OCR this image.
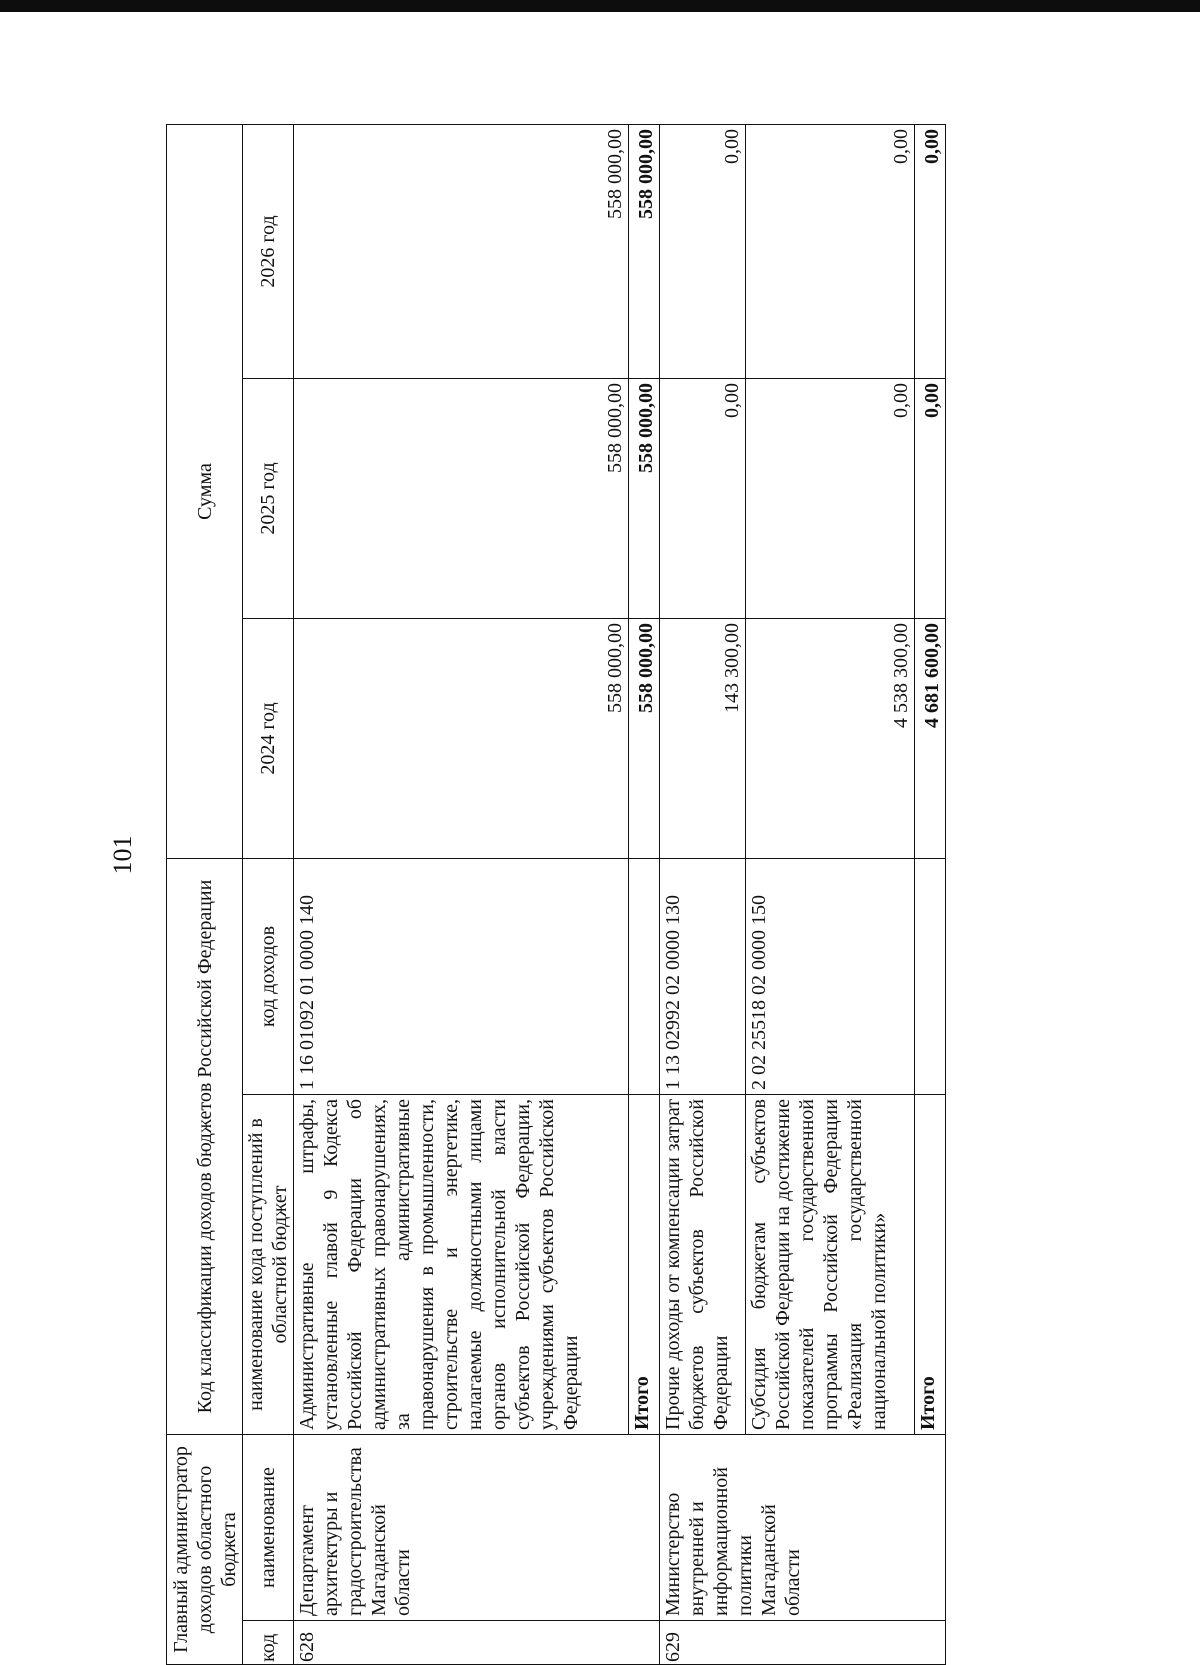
101
Главный администратор доходов областного бюджета		Код классификации доходов бюджетов Российской Федерации		Сумма		
код	наименование	наименование кода поступлений в областной бюджет	код доходов	2024 год	2025 год	2026 год
628	Департамент архитектуры и градостроительства Магаданской области	Административные штрафы, установленные главой 9 Кодекса Российской Федерации об административных правонарушениях, за административные правонарушения в промышленности, строительстве и энергетике, налагаемые должностными лицами органов исполнительной власти субъектов Российской Федерации, учреждениями субъектов Российской Федерации	1 16 01092 01 0000 140	558 000,00	558 000,00	558 000,00
		Итого		558 000,00	558 000,00	558 000,00
629	Министерство внутренней и информационной политики Магаданской области	Прочие доходы от компенсации затрат бюджетов субъектов Российской Федерации	1 13 02992 02 0000 130	143 300,00	0,00	0,00
		Субсидия бюджетам субъектов Российской Федерации на достижение показателей государственной программы Российской Федерации «Реализация государственной национальной политики»	2 02 25518 02 0000 150	4 538 300,00	0,00	0,00
		Итого		4 681 600,00	0,00	0,00
